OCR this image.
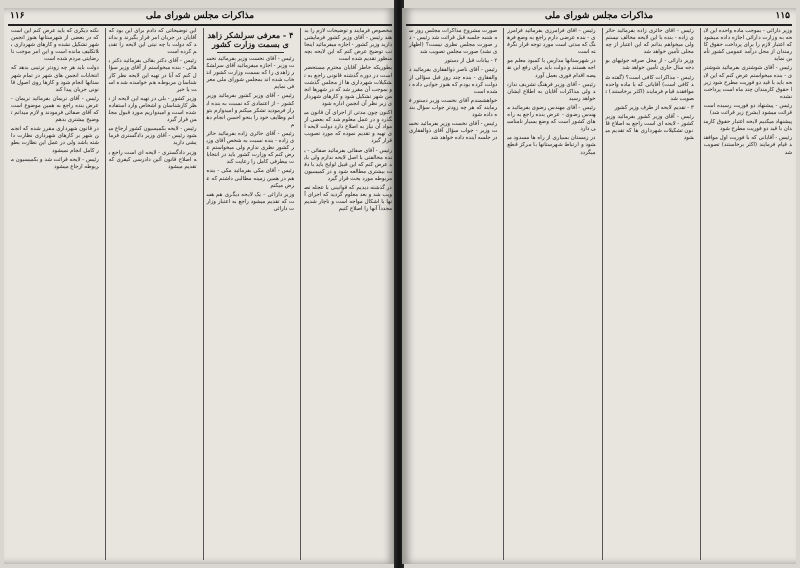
۱۱۶	مذاکرات مجلس شورای ملی

مخصوص فرمایند و توضیحات لازم را بدهند رئیس - آقای وزیر کشور فرمایشی دارید وزیر کشور - اجازه میفرمائید اینجانب توضیح عرض کنم که این لایحه بچه منظور تقدیم شده است

بطوریکه خاطر آقایان محترم مستحضر است در دوره گذشته قانونی راجع به تشکیلات شهرداری ها از مجلس گذشت و بموجب آن مقرر شد که در شهرها انجمن شهر تشکیل شود و کارهای شهرداری زیر نظر آن انجمن اداره شود

اکنون چون مدتی از اجرای آن قانون میگذرد و در عمل معلوم شد که بعضی از مواد آن نیاز به اصلاح دارد دولت لایحه ای تهیه و تقدیم نموده که مورد تصویب قرار گیرد

رئیس - آقای صفائی بفرمائید صفائی - بنده مخالفتی با اصل لایحه ندارم ولی باید عرض کنم که این قبیل لوایح باید با دقت بیشتری مطالعه شود و در کمیسیون مربوطه مورد بحث قرار گیرد

در گذشته دیدیم که قوانینی با عجله تصویب شد و بعد معلوم گردید که اجرای آنها با اشکال مواجه است و ناچار شدیم مجدداً آنها را اصلاح کنیم

۴ - معرفی سرلشکر زاهدی بسمت وزارت کشور

رئیس - آقای نخست وزیر بفرمائید نخست وزیر - اجازه میفرمائید آقای سرلشکر زاهدی را که بسمت وزارت کشور انتخاب شده اند بمجلس شورای ملی معرفی نمایم

رئیس - آقای وزیر کشور بفرمائید وزیر کشور - از اعتمادی که نسبت به بنده ابراز فرمودید تشکر میکنم و امیدوارم بتوانم وظایف خود را بنحو احسن انجام دهم

رئیس - آقای حائری زاده بفرمائید حائری زاده - بنده نسبت به شخص آقای وزیر کشور نظری ندارم ولی میخواستم عرض کنم که وزارت کشور باید در انتخابات بیطرفی کامل را رعایت کند

رئیس - آقای مکی بفرمائید مکی - بنده هم در همین زمینه مطالبی داشتم که عرض میکنم

وزیر دارائی - یک لایحه دیگری هم هست که تقدیم میشود راجع به اعتبار وزارت دارائی

این توضیحاتی که دادم برای این بود که آقایان در جریان امر قرار بگیرند و بدانند که دولت با چه نیتی این لایحه را تقدیم کرده است

رئیس - آقای دکتر بقائی بفرمائید دکتر بقائی - بنده میخواستم از آقای وزیر سؤال کنم که آیا در تهیه این لایحه نظر کارشناسان مربوطه هم خواسته شده است یا خیر

وزیر کشور - بلی در تهیه این لایحه از نظر کارشناسان و اشخاص وارد استفاده شده است و امیدواریم مورد قبول مجلس قرار گیرد

رئیس - لایحه بکمیسیون کشور ارجاع میشود رئیس - آقای وزیر دادگستری فرمایشی دارید

وزیر دادگستری - لایحه ای است راجع به اصلاح قانون آئین دادرسی کیفری که تقدیم میشود

نکته دیگری که باید عرض کنم این است که در بعضی از شهرستانها هنوز انجمن شهر تشکیل نشده و کارهای شهرداری بلاتکلیف مانده است و این امر موجب نارضایتی مردم شده است

دولت باید هر چه زودتر ترتیبی بدهد که انتخابات انجمن های شهر در تمام شهرستانها انجام شود و کارها روی اصول قانونی جریان پیدا کند

رئیس - آقای نریمان بفرمائید نریمان - عرض بنده راجع به همین موضوع است که آقای صفائی فرمودند و لازم میدانم توضیح بیشتری بدهم

در قانون شهرداری مقرر شده که انجمن شهر بر کارهای شهرداری نظارت داشته باشد ولی در عمل این نظارت بطور کامل انجام نمیشود

رئیس - لایحه قرائت شد و بکمیسیون مربوطه ارجاع میشود

۱۱۵
مذاکرات مجلس شورای ملی

وزیر دارائی - بموجب ماده واحده این لایحه به وزارت دارائی اجازه داده میشود که اعتبار لازم را برای پرداخت حقوق کارمندان از محل درآمد عمومی کشور تأمین نماید

رئیس - آقای شوشتری بفرمائید شوشتری - بنده میخواستم عرض کنم که این لایحه باید با قید دو فوریت مطرح شود زیرا حقوق کارمندان چند ماه است پرداخت نشده

رئیس - پیشنهاد دو فوریت رسیده است قرائت میشود (بشرح زیر قرائت شد)

پیشنهاد میکنیم لایحه اعتبار حقوق کارمندان با قید دو فوریت مطرح شود

رئیس - آقایانی که با فوریت اول موافقند قیام فرمایند (اکثر برخاستند) تصویب شد

رئیس - آقای حائری زاده بفرمائید حائری زاده - بنده با این لایحه مخالف نیستم ولی میخواهم بدانم که این اعتبار از چه محلی تأمین خواهد شد

وزیر دارائی - از محل صرفه جوئیهای بودجه سال جاری تأمین خواهد شد

رئیس - مذاکرات کافی است؟ (گفته شد کافی است) آقایانی که با ماده واحده موافقند قیام فرمایند (اکثر برخاستند) تصویب شد

۳ - تقدیم لایحه از طرف وزیر کشور

رئیس - آقای وزیر کشور بفرمائید وزیر کشور - لایحه ای است راجع به اصلاح قانون تشکیلات شهرداری ها که تقدیم میشود

رئیس - آقای فرامرزی بفرمائید فرامرزی - بنده عرضی دارم راجع به وضع فرهنگ که مدتی است مورد توجه قرار نگرفته است

در شهرستانها مدارس با کمبود معلم مواجه هستند و دولت باید برای رفع این نقیصه اقدام فوری بعمل آورد

رئیس - آقای وزیر فرهنگ تشریف ندارند ولی مذاکرات آقایان به اطلاع ایشان خواهد رسید

رئیس - آقای مهندس رضوی بفرمائید مهندس رضوی - عرض بنده راجع به راه های کشور است که وضع بسیار نامناسبی دارد

در زمستان بسیاری از راه ها مسدود میشود و ارتباط شهرستانها با مرکز قطع میگردد

صورت مشروح مذاکرات مجلس روز سه شنبه جلسه قبل قرائت شد رئیس - در صورت مجلس نظری نیست؟ (اظهاری نشد) صورت مجلس تصویب شد

۲ - بیانات قبل از دستور

رئیس - آقای ناصر ذوالفقاری بفرمائید ذوالفقاری - بنده چند روز قبل سؤالی از دولت کرده بودم که هنوز جوابی داده نشده است

خواهشمندم آقای نخست وزیر دستور فرمایند که هر چه زودتر جواب سؤال بنده داده شود

رئیس - آقای نخست وزیر بفرمائید نخست وزیر - جواب سؤال آقای ذوالفقاری در جلسه آینده داده خواهد شد
